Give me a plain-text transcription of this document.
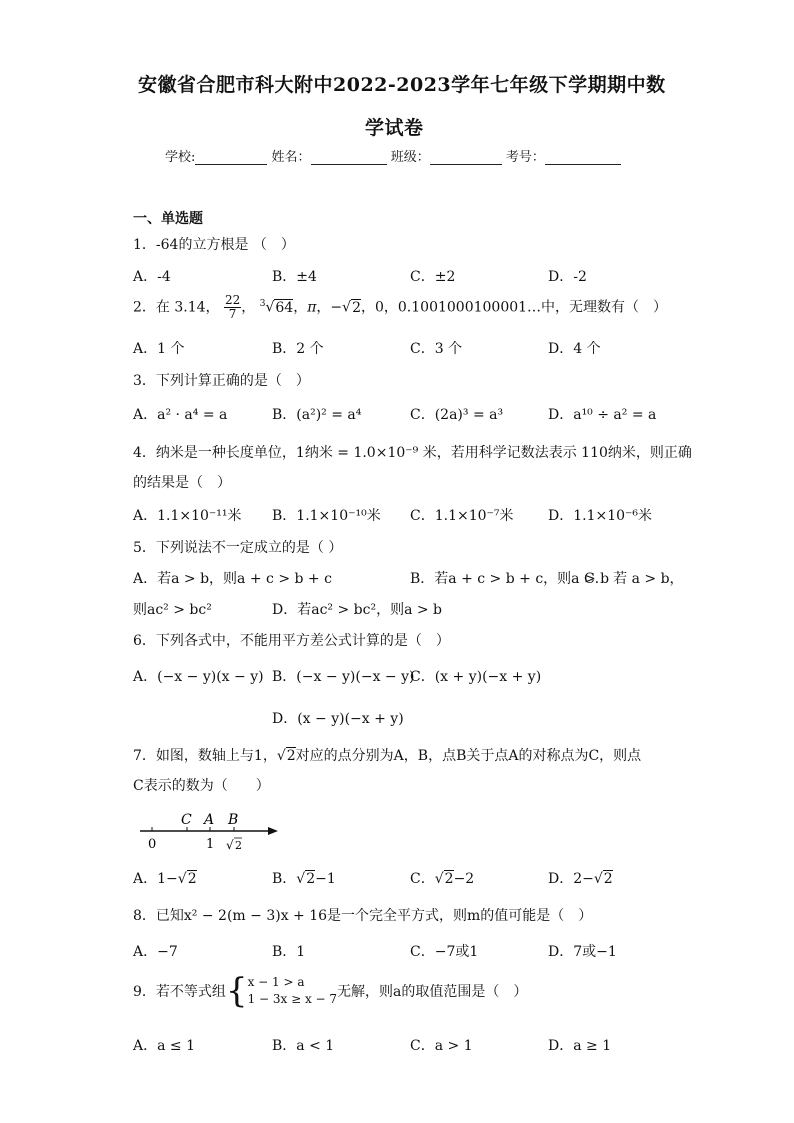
安徽省合肥市科大附中2022-2023学年七年级下学期期中数
学试卷
学校:	姓名：	班级：	考号：
一、单选题
1．-64的立方根是 （　）
A．-4	B．±4	C．±2	D．-2
2．在 3.14， $\frac{22}{7}$ ， $^3$√64，π，−√2，0，0.1001000100001…中，无理数有（　）
A．1 个	B．2 个	C．3 个	D．4 个
3．下列计算正确的是（　）
A．a² · a⁴ = a	B．(a²)² = a⁴	C．(2a)³ = a³	D．a¹⁰ ÷ a² = a
4．纳米是一种长度单位，1纳米 = 1.0×10⁻⁹ 米，若用科学记数法表示 110纳米，则正确
的结果是（　）
A．1.1×10⁻¹¹米 B．1.1×10⁻¹⁰米 C．1.1×10⁻⁷米 D．1.1×10⁻⁶米
5．下列说法不一定成立的是（ ）
A．若a > b，则a + c > b + c	B．若a + c > b + c，则a > b
C． 若 a > b，
则ac² > bc²	D．若ac² > bc²，则a > b
6．下列各式中，不能用平方差公式计算的是（　）
A．(−x − y)(x − y) B．(−x − y)(−x − y)
C．(x + y)(−x + y)
D．(x − y)(−x + y)
7．如图，数轴上与1，√2对应的点分别为A，B，点B关于点A的对称点为C，则点
C表示的数为（　　）
C A B
0	1 √ 2
A．1−√2	B．√2−1	C．√2−2	D．2−√2
8．已知x² − 2(m − 3)x + 16是一个完全平方式，则m的值可能是（　）
A．−7	B．1	C．−7或1	D．7或−1
9．若不等式组 { x − 1 > a
1 − 3x ≥ x − 7 无解，则a的取值范围是（　）
A．a ≤ 1	B．a < 1	C．a > 1	D．a ≥ 1
